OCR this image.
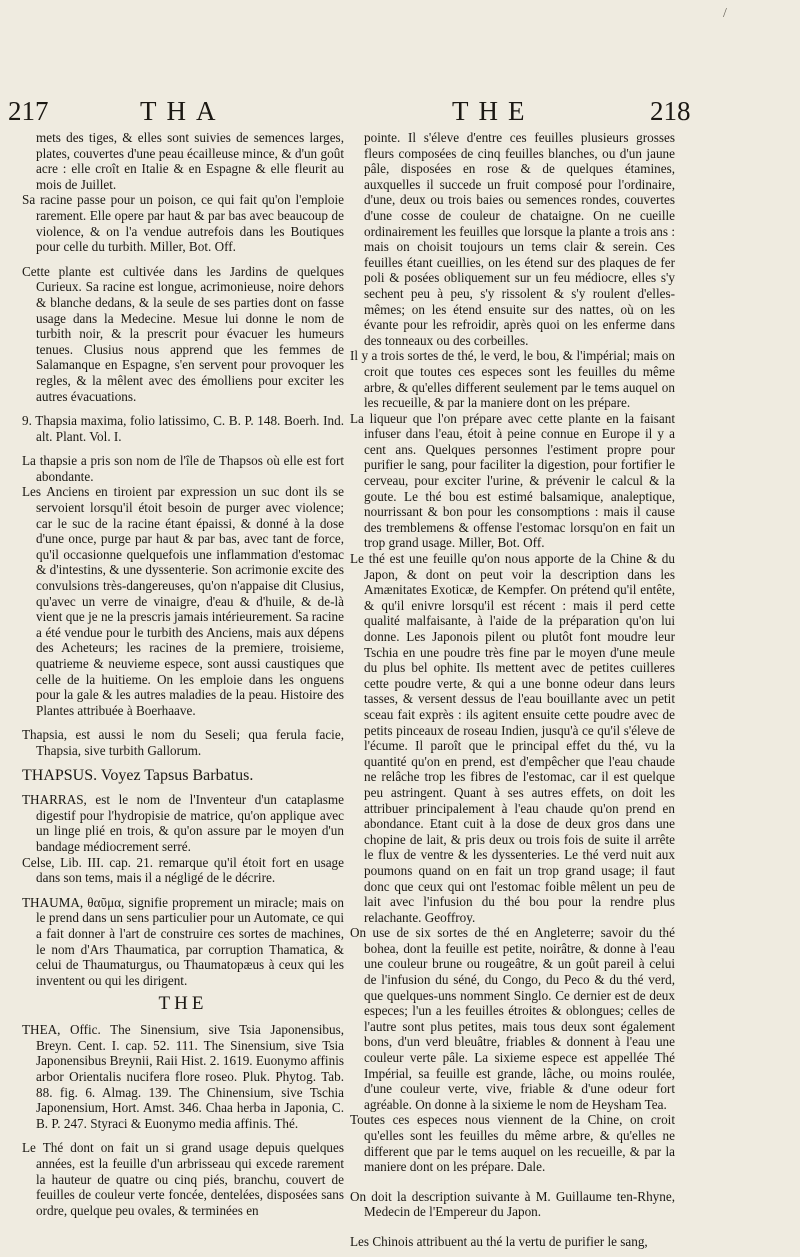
217	THA	THE	218
/

mets des tiges, & elles sont suivies de semences larges, plates, couvertes d'une peau écailleuse mince, & d'un goût acre : elle croît en Italie & en Espagne & elle fleurit au mois de Juillet.

Sa racine passe pour un poison, ce qui fait qu'on l'emploie rarement. Elle opere par haut & par bas avec beaucoup de violence, & on l'a vendue autrefois dans les Boutiques pour celle du turbith. Miller, Bot. Off.

Cette plante est cultivée dans les Jardins de quelques Curieux. Sa racine est longue, acrimonieuse, noire dehors & blanche dedans, & la seule de ses parties dont on fasse usage dans la Medecine. Mesue lui donne le nom de turbith noir, & la prescrit pour évacuer les humeurs tenues. Clusius nous apprend que les femmes de Salamanque en Espagne, s'en servent pour provoquer les regles, & la mêlent avec des émolliens pour exciter les autres évacuations.

9. Thapsia maxima, folio latissimo, C. B. P. 148. Boerh. Ind. alt. Plant. Vol. I.

La thapsie a pris son nom de l'île de Thapsos où elle est fort abondante.

Les Anciens en tiroient par expression un suc dont ils se servoient lorsqu'il étoit besoin de purger avec violence; car le suc de la racine étant épaissi, & donné à la dose d'une once, purge par haut & par bas, avec tant de force, qu'il occasionne quelquefois une inflammation d'estomac & d'intestins, & une dyssenterie. Son acrimonie excite des convulsions très-dangereuses, qu'on n'appaise dit Clusius, qu'avec un verre de vinaigre, d'eau & d'huile, & de-là vient que je ne la prescris jamais intérieurement. Sa racine a été vendue pour le turbith des Anciens, mais aux dépens des Acheteurs; les racines de la premiere, troisieme, quatrieme & neuvieme espece, sont aussi caustiques que celle de la huitieme. On les emploie dans les onguens pour la gale & les autres maladies de la peau. Histoire des Plantes attribuée à Boerhaave.

Thapsia, est aussi le nom du Seseli; qua ferula facie, Thapsia, sive turbith Gallorum.

THAPSUS. Voyez Tapsus Barbatus.

THARRAS, est le nom de l'Inventeur d'un cataplasme digestif pour l'hydropisie de matrice, qu'on applique avec un linge plié en trois, & qu'on assure par le moyen d'un bandage médiocrement serré.

Celse, Lib. III. cap. 21. remarque qu'il étoit fort en usage dans son tems, mais il a négligé de le décrire.

THAUMA, θαῦμα, signifie proprement un miracle; mais on le prend dans un sens particulier pour un Automate, ce qui a fait donner à l'art de construire ces sortes de machines, le nom d'Ars Thaumatica, par corruption Thamatica, & celui de Thaumaturgus, ou Thaumatopæus à ceux qui les inventent ou qui les dirigent.

THE

THEA, Offic. The Sinensium, sive Tsia Japonensibus, Breyn. Cent. I. cap. 52. 111. The Sinensium, sive Tsia Japonensibus Breynii, Raii Hist. 2. 1619. Euonymo affinis arbor Orientalis nucifera flore roseo. Pluk. Phytog. Tab. 88. fig. 6. Almag. 139. The Chinensium, sive Tschia Japonensium, Hort. Amst. 346. Chaa herba in Japonia, C. B. P. 247. Styraci & Euonymo media affinis. Thé.

Le Thé dont on fait un si grand usage depuis quelques années, est la feuille d'un arbrisseau qui excede rarement la hauteur de quatre ou cinq piés, branchu, couvert de feuilles de couleur verte foncée, dentelées, disposées sans ordre, quelque peu ovales, & terminées en

pointe. Il s'éleve d'entre ces feuilles plusieurs grosses fleurs composées de cinq feuilles blanches, ou d'un jaune pâle, disposées en rose & de quelques étamines, auxquelles il succede un fruit composé pour l'ordinaire, d'une, deux ou trois baies ou semences rondes, couvertes d'une cosse de couleur de chataigne. On ne cueille ordinairement les feuilles que lorsque la plante a trois ans : mais on choisit toujours un tems clair & serein. Ces feuilles étant cueillies, on les étend sur des plaques de fer poli & posées obliquement sur un feu médiocre, elles s'y sechent peu à peu, s'y rissolent & s'y roulent d'elles-mêmes; on les étend ensuite sur des nattes, où on les évante pour les refroidir, après quoi on les enferme dans des tonneaux ou des corbeilles.

Il y a trois sortes de thé, le verd, le bou, & l'impérial; mais on croit que toutes ces especes sont les feuilles du même arbre, & qu'elles different seulement par le tems auquel on les recueille, & par la maniere dont on les prépare.

La liqueur que l'on prépare avec cette plante en la faisant infuser dans l'eau, étoit à peine connue en Europe il y a cent ans. Quelques personnes l'estiment propre pour purifier le sang, pour faciliter la digestion, pour fortifier le cerveau, pour exciter l'urine, & prévenir le calcul & la goute. Le thé bou est estimé balsamique, analeptique, nourrissant & bon pour les consomptions : mais il cause des tremblemens & offense l'estomac lorsqu'on en fait un trop grand usage. Miller, Bot. Off.

Le thé est une feuille qu'on nous apporte de la Chine & du Japon, & dont on peut voir la description dans les Amænitates Exoticæ, de Kempfer. On prétend qu'il entête, & qu'il enivre lorsqu'il est récent : mais il perd cette qualité malfaisante, à l'aide de la préparation qu'on lui donne. Les Japonois pilent ou plutôt font moudre leur Tschia en une poudre très fine par le moyen d'une meule du plus bel ophite. Ils mettent avec de petites cuilleres cette poudre verte, & qui a une bonne odeur dans leurs tasses, & versent dessus de l'eau bouillante avec un petit sceau fait exprès : ils agitent ensuite cette poudre avec de petits pinceaux de roseau Indien, jusqu'à ce qu'il s'éleve de l'écume. Il paroît que le principal effet du thé, vu la quantité qu'on en prend, est d'empêcher que l'eau chaude ne relâche trop les fibres de l'estomac, car il est quelque peu astringent. Quant à ses autres effets, on doit les attribuer principalement à l'eau chaude qu'on prend en abondance. Etant cuit à la dose de deux gros dans une chopine de lait, & pris deux ou trois fois de suite il arrête le flux de ventre & les dyssenteries. Le thé verd nuit aux poumons quand on en fait un trop grand usage; il faut donc que ceux qui ont l'estomac foible mêlent un peu de lait avec l'infusion du thé bou pour la rendre plus relachante. Geoffroy.

On use de six sortes de thé en Angleterre; savoir du thé bohea, dont la feuille est petite, noirâtre, & donne à l'eau une couleur brune ou rougeâtre, & un goût pareil à celui de l'infusion du séné, du Congo, du Peco & du thé verd, que quelques-uns nomment Singlo. Ce dernier est de deux especes; l'un a les feuilles étroites & oblongues; celles de l'autre sont plus petites, mais tous deux sont également bons, d'un verd bleuâtre, friables & donnent à l'eau une couleur verte pâle. La sixieme espece est appellée Thé Impérial, sa feuille est grande, lâche, ou moins roulée, d'une couleur verte, vive, friable & d'une odeur fort agréable. On donne à la sixieme le nom de Heysham Tea.

Toutes ces especes nous viennent de la Chine, on croit qu'elles sont les feuilles du même arbre, & qu'elles ne different que par le tems auquel on les recueille, & par la maniere dont on les prépare. Dale.

On doit la description suivante à M. Guillaume ten-Rhyne, Medecin de l'Empereur du Japon.

Les Chinois attribuent au thé la vertu de purifier le sang,
